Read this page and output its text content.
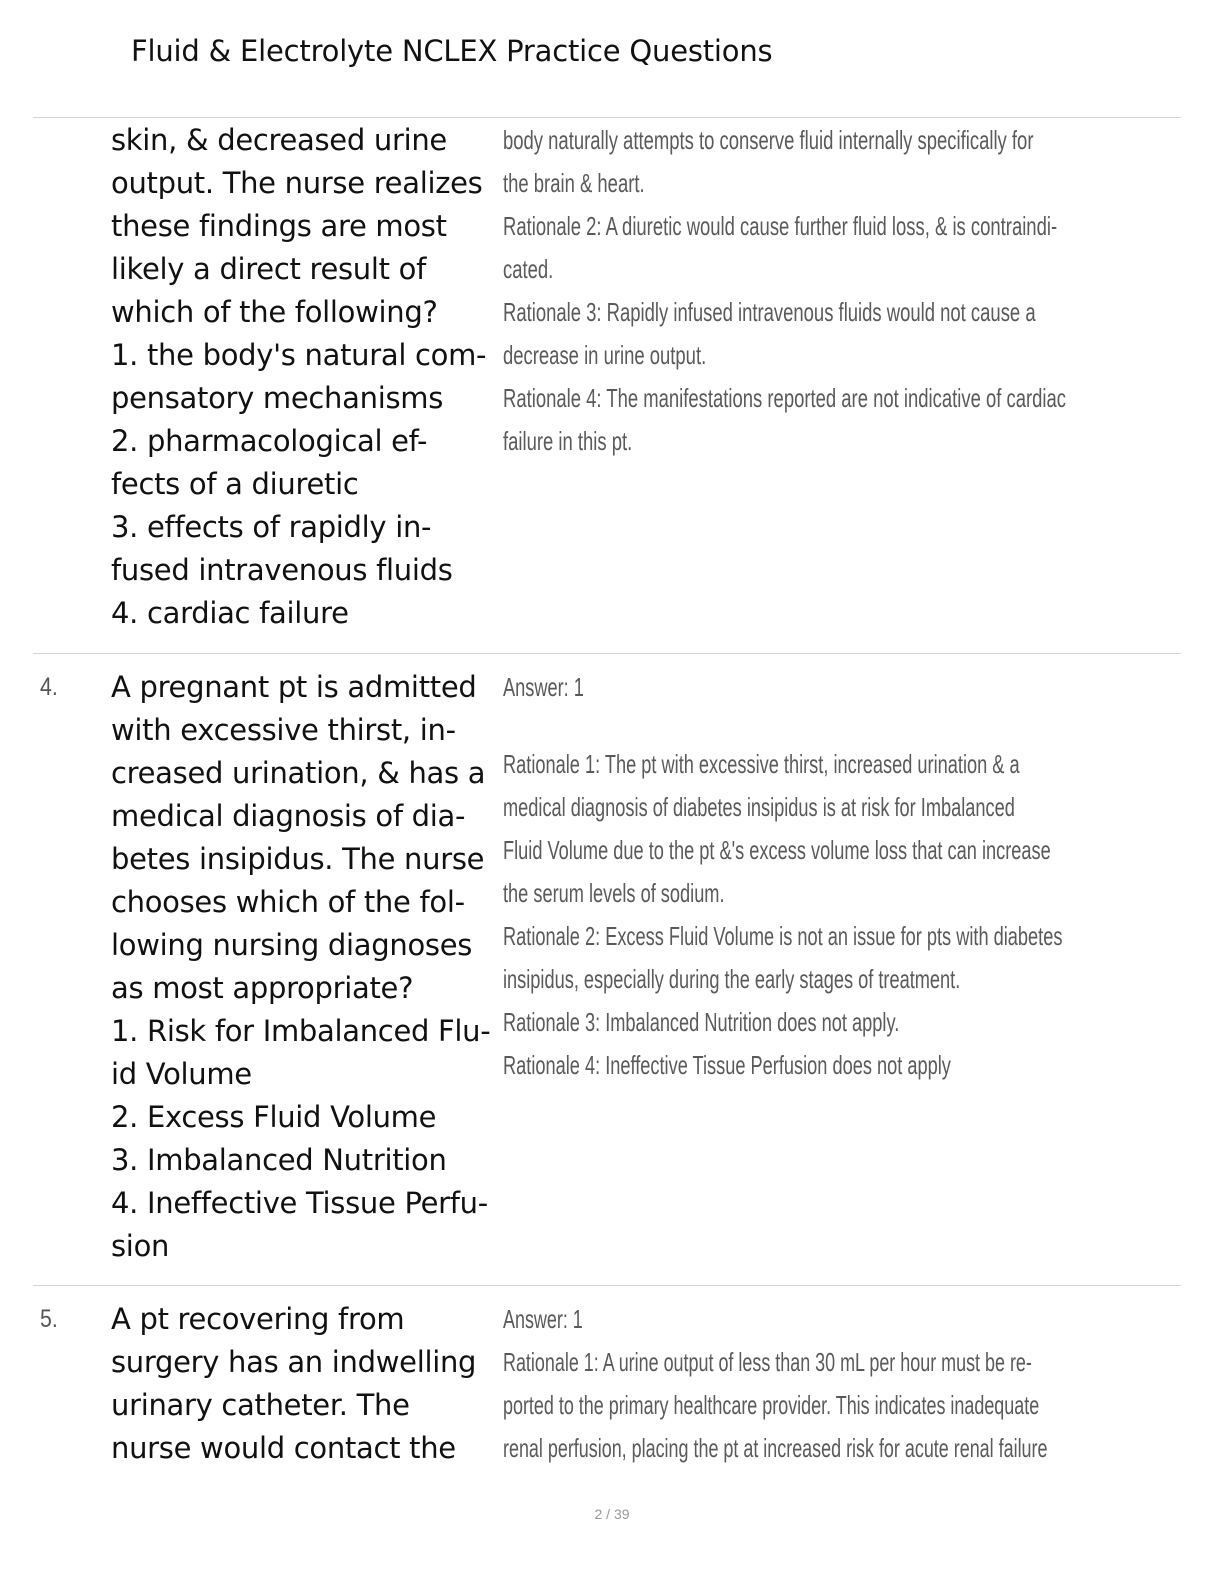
Fluid & Electrolyte NCLEX Practice Questions
skin, & decreased urine
output. The nurse realizes
these findings are most
likely a direct result of
which of the following?
1. the body's natural com-
pensatory mechanisms
2. pharmacological ef-
fects of a diuretic
3. effects of rapidly in-
fused intravenous fluids
4. cardiac failure
body naturally attempts to conserve fluid internally specifically for
the brain & heart.
Rationale 2: A diuretic would cause further fluid loss, & is contraindi-
cated.
Rationale 3: Rapidly infused intravenous fluids would not cause a
decrease in urine output.
Rationale 4: The manifestations reported are not indicative of cardiac
failure in this pt.
4. A pregnant pt is admitted
with excessive thirst, in-
creased urination, & has a
medical diagnosis of dia-
betes insipidus. The nurse
chooses which of the fol-
lowing nursing diagnoses
as most appropriate?
1. Risk for Imbalanced Flu-
id Volume
2. Excess Fluid Volume
3. Imbalanced Nutrition
4. Ineffective Tissue Perfu-
sion
Answer: 1
Rationale 1: The pt with excessive thirst, increased urination & a
medical diagnosis of diabetes insipidus is at risk for Imbalanced
Fluid Volume due to the pt &'s excess volume loss that can increase
the serum levels of sodium.
Rationale 2: Excess Fluid Volume is not an issue for pts with diabetes
insipidus, especially during the early stages of treatment.
Rationale 3: Imbalanced Nutrition does not apply.
Rationale 4: Ineffective Tissue Perfusion does not apply
5. A pt recovering from
surgery has an indwelling
urinary catheter. The
nurse would contact the
Answer: 1
Rationale 1: A urine output of less than 30 mL per hour must be re-
ported to the primary healthcare provider. This indicates inadequate
renal perfusion, placing the pt at increased risk for acute renal failure
2 / 39
